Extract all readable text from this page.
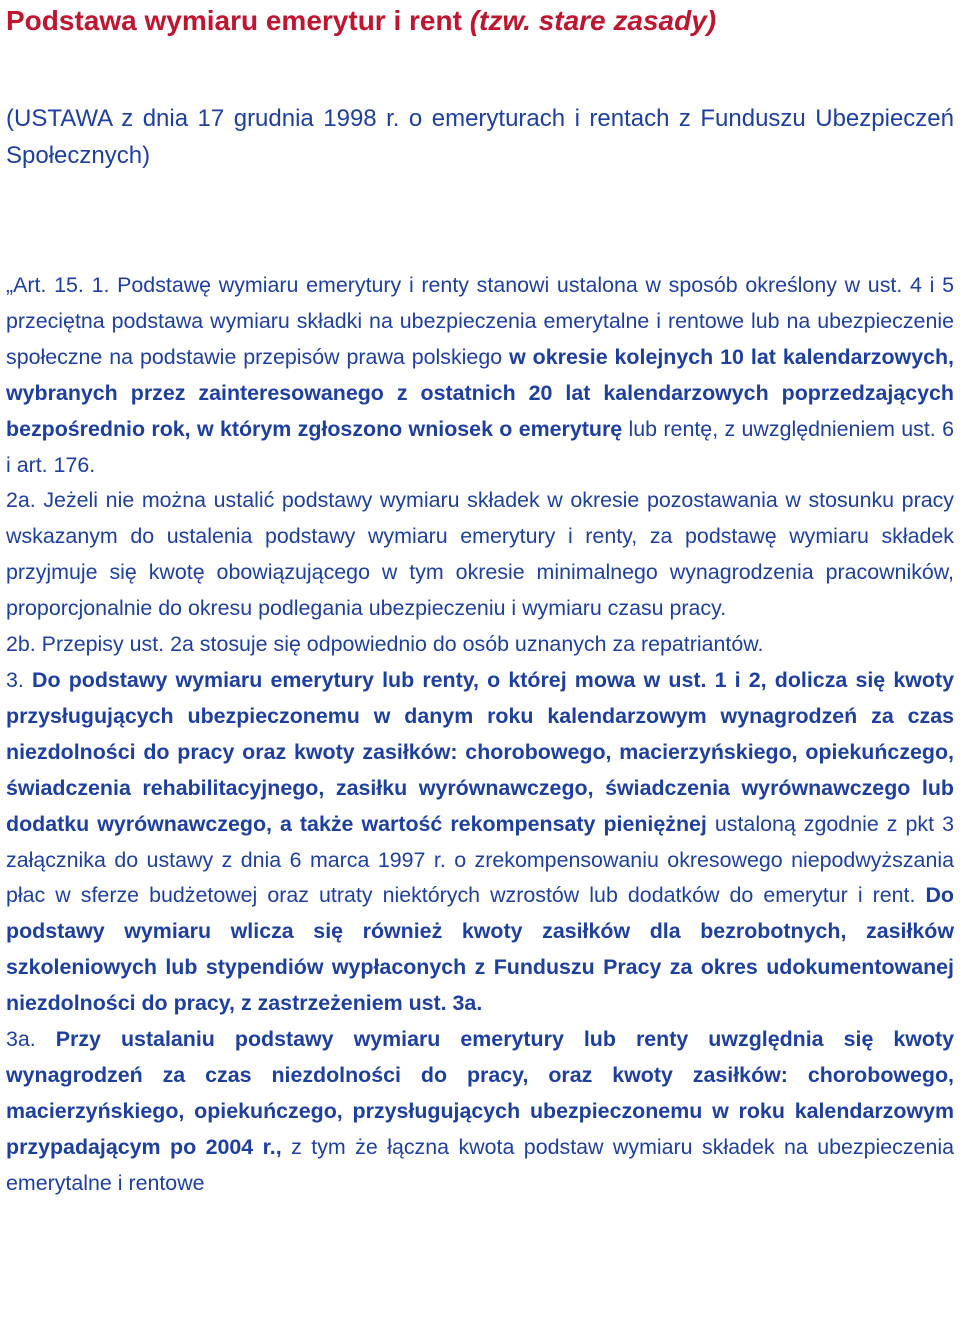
Podstawa wymiaru emerytur i rent (tzw. stare zasady)

(USTAWA z dnia 17 grudnia 1998 r. o emeryturach i rentach z Funduszu Ubezpieczeń Społecznych)

„Art. 15. 1. Podstawę wymiaru emerytury i renty stanowi ustalona w sposób określony w ust. 4 i 5 przeciętna podstawa wymiaru składki na ubezpieczenia emerytalne i rentowe lub na ubezpieczenie społeczne na podstawie przepisów prawa polskiego w okresie kolejnych 10 lat kalendarzowych, wybranych przez zainteresowanego z ostatnich 20 lat kalendarzowych poprzedzających bezpośrednio rok, w którym zgłoszono wniosek o emeryturę lub rentę, z uwzględnieniem ust. 6 i art. 176.

2a. Jeżeli nie można ustalić podstawy wymiaru składek w okresie pozostawania w stosunku pracy wskazanym do ustalenia podstawy wymiaru emerytury i renty, za podstawę wymiaru składek przyjmuje się kwotę obowiązującego w tym okresie minimalnego wynagrodzenia pracowników, proporcjonalnie do okresu podlegania ubezpieczeniu i wymiaru czasu pracy.

2b. Przepisy ust. 2a stosuje się odpowiednio do osób uznanych za repatriantów.

3. Do podstawy wymiaru emerytury lub renty, o której mowa w ust. 1 i 2, dolicza się kwoty przysługujących ubezpieczonemu w danym roku kalendarzowym wynagrodzeń za czas niezdolności do pracy oraz kwoty zasiłków: chorobowego, macierzyńskiego, opiekuńczego, świadczenia rehabilitacyjnego, zasiłku wyrównawczego, świadczenia wyrównawczego lub dodatku wyrównawczego, a także wartość rekompensaty pieniężnej ustaloną zgodnie z pkt 3 załącznika do ustawy z dnia 6 marca 1997 r. o zrekompensowaniu okresowego niepodwyższania płac w sferze budżetowej oraz utraty niektórych wzrostów lub dodatków do emerytur i rent. Do podstawy wymiaru wlicza się również kwoty zasiłków dla bezrobotnych, zasiłków szkoleniowych lub stypendiów wypłaconych z Funduszu Pracy za okres udokumentowanej niezdolności do pracy, z zastrzeżeniem ust. 3a.

3a. Przy ustalaniu podstawy wymiaru emerytury lub renty uwzględnia się kwoty wynagrodzeń za czas niezdolności do pracy, oraz kwoty zasiłków: chorobowego, macierzyńskiego, opiekuńczego, przysługujących ubezpieczonemu w roku kalendarzowym przypadającym po 2004 r., z tym że łączna kwota podstaw wymiaru składek na ubezpieczenia emerytalne i rentowe
